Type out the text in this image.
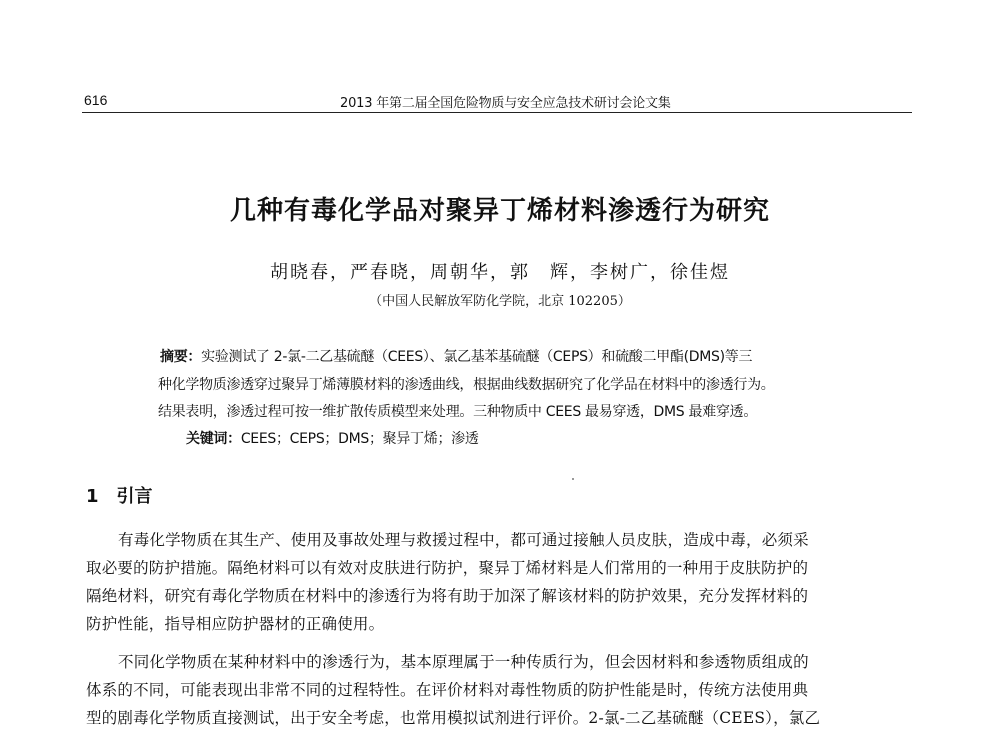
616	2013 年第二届全国危险物质与安全应急技术研讨会论文集
几种有毒化学品对聚异丁烯材料渗透行为研究
胡晓春，严春晓，周朝华，郭　辉，李树广，徐佳煜
（中国人民解放军防化学院，北京 102205）
摘要：实验测试了 2-氯-二乙基硫醚（CEES）、氯乙基苯基硫醚（CEPS）和硫酸二甲酯(DMS)等三
种化学物质渗透穿过聚异丁烯薄膜材料的渗透曲线，根据曲线数据研究了化学品在材料中的渗透行为。
结果表明，渗透过程可按一维扩散传质模型来处理。三种物质中 CEES 最易穿透，DMS 最难穿透。
关键词：CEES；CEPS；DMS；聚异丁烯；渗透
1 引言
有毒化学物质在其生产、使用及事故处理与救援过程中，都可通过接触人员皮肤，造成中毒，必须采
取必要的防护措施。隔绝材料可以有效对皮肤进行防护，聚异丁烯材料是人们常用的一种用于皮肤防护的
隔绝材料，研究有毒化学物质在材料中的渗透行为将有助于加深了解该材料的防护效果，充分发挥材料的
防护性能，指导相应防护器材的正确使用。
不同化学物质在某种材料中的渗透行为，基本原理属于一种传质行为，但会因材料和参透物质组成的
体系的不同，可能表现出非常不同的过程特性。在评价材料对毒性物质的防护性能是时，传统方法使用典
型的剧毒化学物质直接测试，出于安全考虑，也常用模拟试剂进行评价。2-氯-二乙基硫醚（CEES），氯乙
